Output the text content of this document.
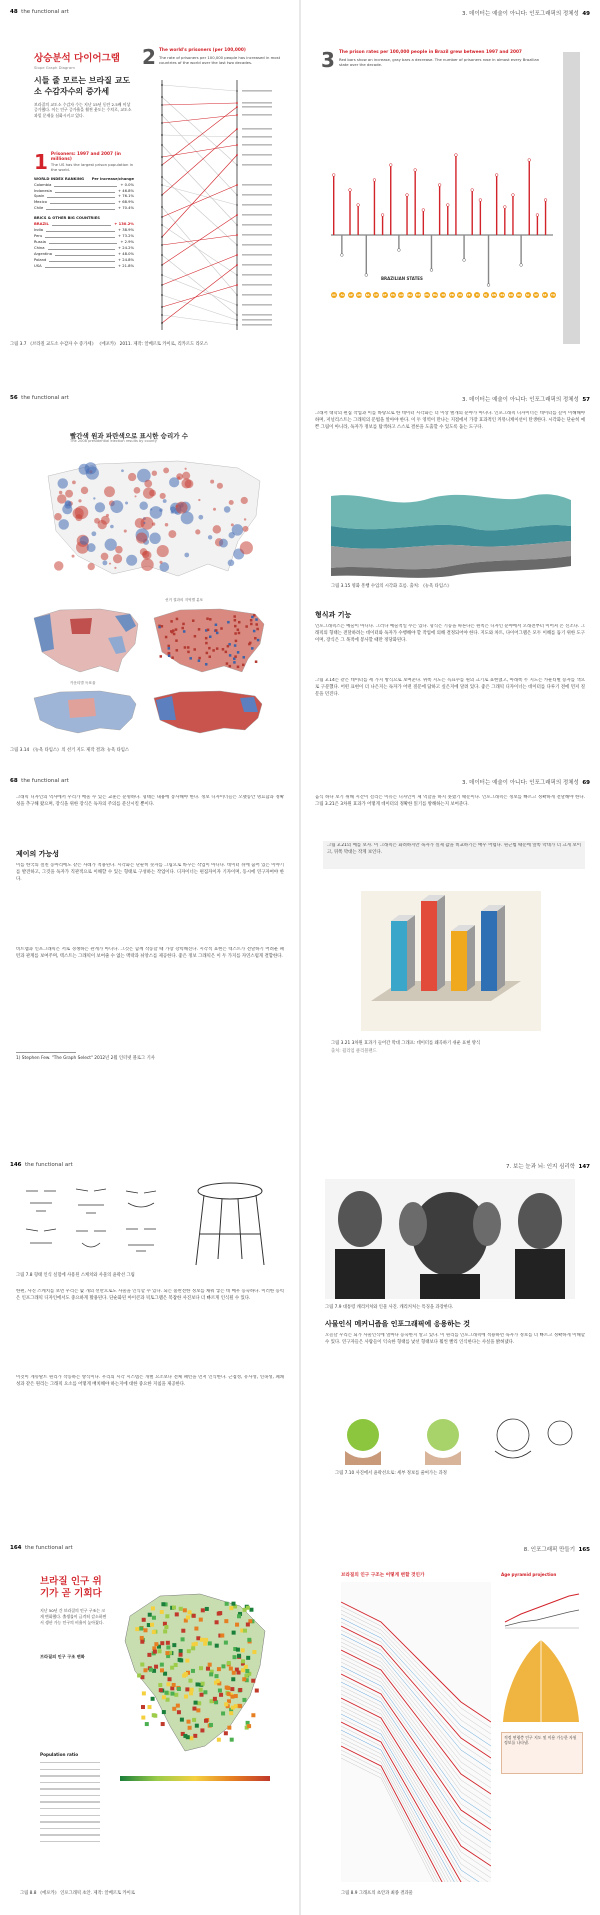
48 the functional art
상승분석 다이어그램
Slope Graph Diagram
시들 줄 모르는 브라질 교도소 수감자수의 증가세
브라질의 교도소 수감자 수는 지난 15년 동안 2.5배 이상 증가했다. 이는 인구 증가율을 훨씬 웃도는 수치로, 교도소 과밀 문제를 심화시키고 있다.
1 Prisoners: 1997 and 2007 (in millions)
The US has the largest prison population in the world.
WORLD INDEX RANKING Per increase/change
Colombia	+ 0.0%
Indonesia	+ 46.8%
Spain	+ 76.1%
Mexico	+ 68.9%
Chile	+ 70.4%
BRICS & OTHER BIG COUNTRIES
BRAZIL	+ 130.2%
India	+ 38.9%
Peru	+ 73.2%
Russia	+ 2.9%
China	+ 24.2%
Argentina	+ 48.0%
Poland	+ 24.8%
USA	+ 21.8%
2 The world's prisoners (per 100,000)
The rate of prisoners per 100,000 people has increased in most countries of the world over the last two decades.
그림 3.7 《브라질 교도소 수감자 수 증가세》 《에포카》 2011. 제작: 알베르토 카이로, 리카르도 라모스
3. 데이터는 예술이 아니다: 인포그래픽의 정체성 49
3 The prison rates per 100,000 people in Brazil grew between 1997 and 2007
Red bars show an increase, gray bars a decrease. The number of prisoners rose in almost every Brazilian state over the decade.
BRAZILIAN STATES
AC	AL	AP	AM	BA	CE	DF	ES	GO	MA	MT	MS	MG	PA	PB	PR	PE	PI	RJ	RN	RS	RO	RR	SC	SP	SE	TO
56 the functional art
빨간색 원과 파란색으로 표시한 승리가 수
The 2008 presidential election results by county
선거 결과의 지역별 분포
카운티별 득표율
그림 3.14 《뉴욕 타임스》의 선거 지도 제작 결과: 뉴욕 타임스
3. 데이터는 예술이 아니다: 인포그래픽의 정체성 57
그래서 대학의 편집 작업과 이를 바탕으로 한 데이터 시각화는 더 이상 별개의 분야가 아니다. 인포그래픽 디자이너는 데이터를 깊이 이해해야 하며, 저널리스트는 그래픽의 문법을 알아야 한다. 이 두 영역이 만나는 지점에서 가장 효과적인 커뮤니케이션이 탄생한다. 시각화는 단순히 예쁜 그림이 아니라, 독자가 정보를 탐색하고 스스로 결론을 도출할 수 있도록 돕는 도구다.
그림 3.15 영화 흥행 수입의 시각화 흐름. 출처: 《뉴욕 타임스》
형식과 기능
인포그래픽스는 예술이 아니다. 그러나 예술적일 수는 있다. 형식은 기능을 따른다는 원칙은 디자인 분야에서 오래전부터 이어져 온 신조다. 그래픽의 형태는 전달하려는 데이터와 독자가 수행해야 할 작업에 의해 결정되어야 한다. 지도와 차트, 다이어그램은 모두 이해를 돕기 위한 도구이며, 장식은 그 목적에 봉사할 때만 정당화된다.
그림 3.14는 같은 데이터를 세 가지 방식으로 보여준다. 위쪽 지도는 득표수를 원의 크기로 표현했고, 아래쪽 두 지도는 카운티별 승자를 색으로 구분했다. 어떤 표현이 더 나은지는 독자가 어떤 질문에 답하고 싶은지에 달려 있다. 좋은 그래픽 디자이너는 데이터를 다루기 전에 먼저 질문을 던진다.
68 the functional art
그래픽 디자인의 역사에서 우리가 배울 수 있는 교훈은 분명하다. 형태는 내용에 봉사해야 한다. 정보 디자이너들은 오랫동안 명료함과 정확성을 추구해 왔으며, 장식을 위한 장식은 독자의 주의를 분산시킬 뿐이다.
제이의 가능성
이를 한국의 절친 동아리에도 같은 사례가 적용된다. 시각화는 단순히 숫자를 그림으로 바꾸는 작업이 아니다. 데이터 뒤에 숨어 있는 이야기를 발견하고, 그것을 독자가 직관적으로 이해할 수 있는 형태로 구성하는 작업이다. 디자이너는 편집자이자 기자이며, 동시에 연구자여야 한다.
비트맵과 인포그래픽은 서로 경쟁하는 관계가 아니다. 그것은 함께 작동할 때 가장 강력해진다. 시각적 표현은 텍스트가 전달하기 어려운 패턴과 관계를 보여주며, 텍스트는 그래픽이 보여줄 수 없는 맥락과 뉘앙스를 제공한다. 좋은 정보 그래픽은 이 두 가지를 자연스럽게 결합한다.
1) Stephen Few. "The Graph Select" 2012년 2월 인터넷 블로그 기사
3. 데이터는 예술이 아니다: 인포그래픽의 정체성 69
음식 하나 보기 위해 시간이 걸리는 이유는 디자인이 제 역할을 하지 못했기 때문이다. 인포그래픽은 정보를 빠르고 정확하게 전달해야 한다. 그림 3.21은 3차원 효과가 어떻게 데이터의 정확한 읽기를 방해하는지 보여준다.
그림 3.21의 예를 보자. 이 그래픽은 화려하지만 독자가 실제 값을 비교하기는 매우 어렵다. 원근법 때문에 앞쪽 막대가 더 크게 보이고, 뒤쪽 막대는 작게 보인다.
그림 3.21 3차원 효과가 들어간 막대 그래프: 데이터를 왜곡하기 쉬운 표현 방식
출처: 윌리엄 클리블랜드
146 the functional art
그림 7.8 형태 인식 실험에 사용된 스케치와 사물의 윤곽선 그림
한편, 사진 스케치를 보면 우리는 몇 개의 선만으로도 사물을 인식할 수 있다. 뇌는 불완전한 정보를 채워 넣는 데 매우 능숙하다. 이러한 능력은 인포그래픽 디자인에서도 중요하게 활용된다. 단순화된 아이콘과 픽토그램은 복잡한 사진보다 더 빠르게 인식될 수 있다.
이것이 게슈탈트 원리가 작동하는 방식이다. 우리의 시각 시스템은 개별 요소보다 전체 패턴을 먼저 인식한다. 근접성, 유사성, 연속성, 폐쇄성과 같은 원리는 그래픽 요소를 어떻게 배치해야 하는지에 대한 중요한 지침을 제공한다.
7. 보는 눈과 뇌: 인지 심리학 147
그림 7.9 대통령 캐리커처와 인물 사진. 캐리커처는 특징을 과장한다.
사물인식 메커니즘을 인포그래픽에 응용하는 것
오늘날 우리는 뇌가 사물인식에 얼마나 능숙한지 알고 있다. 이 원리를 인포그래픽에 적용하면 독자가 정보를 더 빠르고 정확하게 이해할 수 있다. 연구자들은 사람들이 익숙한 형태를 낯선 형태보다 훨씬 빨리 인식한다는 사실을 밝혀냈다.
그림 7.10 사진에서 윤곽선으로: 세부 정보를 줄여가는 과정
164 the functional art
브라질 인구 위기가 곧 기회다
지난 50년 간 브라질의 인구 구조는 크게 변화했다. 출생률이 급격히 감소하면서 생산 가능 인구의 비율이 높아졌다.
브라질의 인구 구조 변화
Population ratio
그림 8.8 《에포카》 인포그래픽 초안. 제작: 알베르토 카이로
8. 인포그래픽 만들기 165
브라질의 인구 구조는 어떻게 변할 것인가	Age pyramid projection
적정 연령층 인구 지도 및 이용 가능한 자원 정보를 나타냄.
그림 8.9 그래프의 초안과 최종 결과물
